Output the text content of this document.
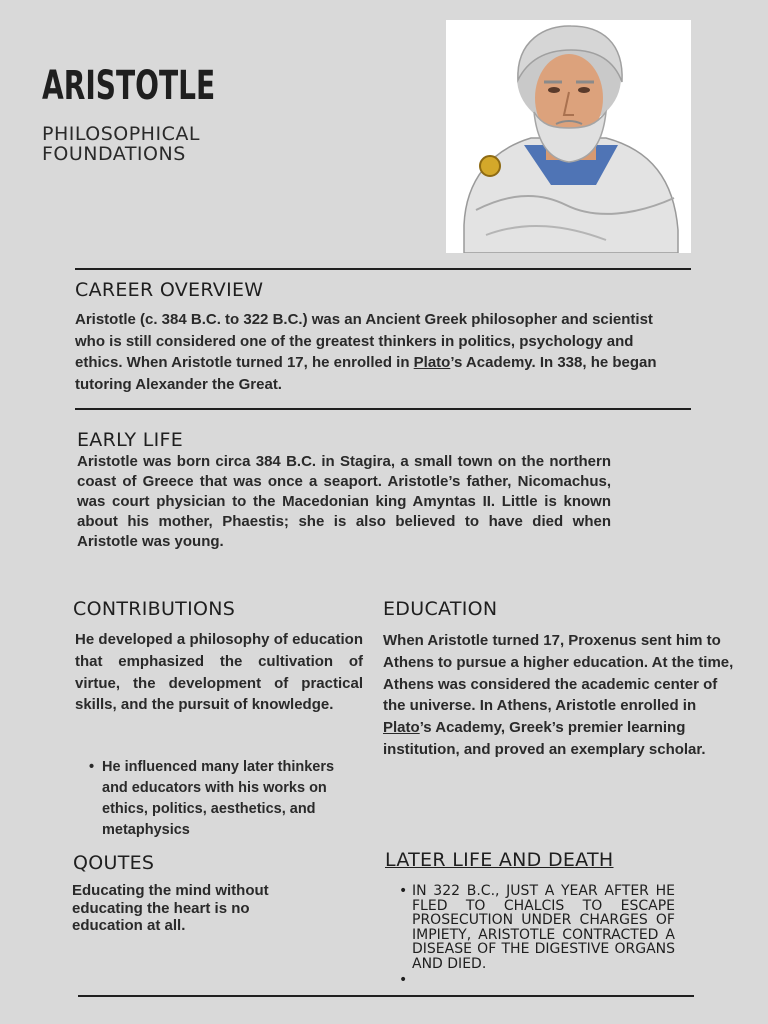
ARISTOTLE
PHILOSOPHICAL
FOUNDATIONS
CAREER OVERVIEW
Aristotle (c. 384 B.C. to 322 B.C.) was an Ancient Greek philosopher and scientist who is still considered one of the greatest thinkers in politics, psychology and ethics. When Aristotle turned 17, he enrolled in Plato’s Academy. In 338, he began tutoring Alexander the Great.
EARLY LIFE
Aristotle was born circa 384 B.C. in Stagira, a small town on the northern coast of Greece that was once a seaport. Aristotle’s father, Nicomachus, was court physician to the Macedonian king Amyntas II. Little is known about his mother, Phaestis; she is also believed to have died when Aristotle was young.
CONTRIBUTIONS
He developed a philosophy of education that emphasized the cultivation of virtue, the development of practical skills, and the pursuit of knowledge.
• He influenced many later thinkers and educators with his works on ethics, politics, aesthetics, and metaphysics
EDUCATION
When Aristotle turned 17, Proxenus sent him to Athens to pursue a higher education. At the time, Athens was considered the academic center of the universe. In Athens, Aristotle enrolled in Plato’s Academy, Greek’s premier learning institution, and proved an exemplary scholar.
QOUTES
Educating the mind without educating the heart is no education at all.
LATER LIFE AND DEATH
• IN 322 B.C., JUST A YEAR AFTER HE FLED TO CHALCIS TO ESCAPE PROSECUTION UNDER CHARGES OF IMPIETY, ARISTOTLE CONTRACTED A DISEASE OF THE DIGESTIVE ORGANS AND DIED.
•
